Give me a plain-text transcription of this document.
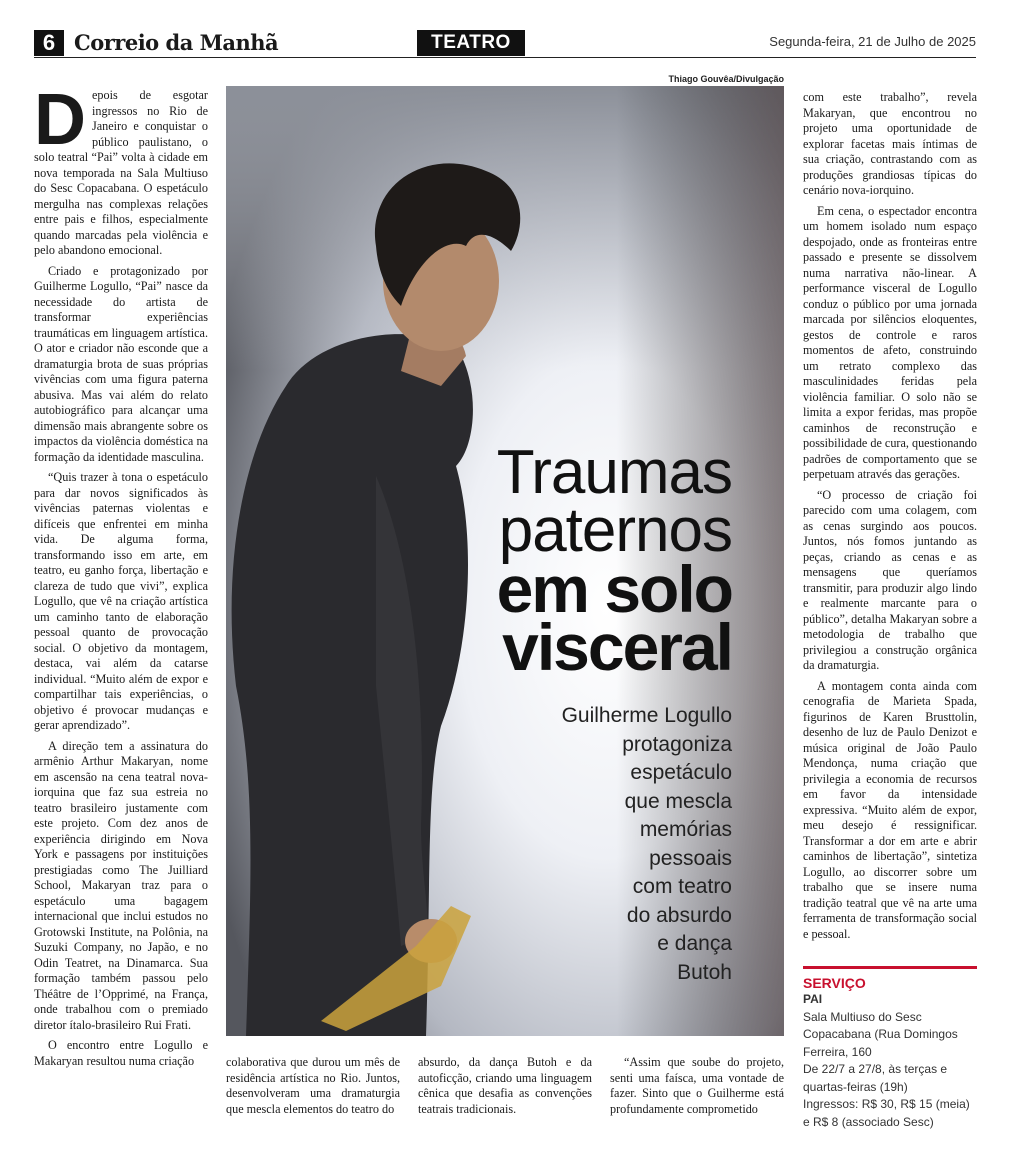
6 Correio da Manhã	TEATRO	Segunda-feira, 21 de Julho de 2025
Thiago Gouvêa/Divulgação

Depois de esgotar ingressos no Rio de Janeiro e conquistar o público paulistano, o solo teatral “Pai” volta à cidade em nova temporada na Sala Multiuso do Sesc Copacabana. O espetáculo mergulha nas complexas relações entre pais e filhos, especialmente quando marcadas pela violência e pelo abandono emocional.

Criado e protagonizado por Guilherme Logullo, “Pai” nasce da necessidade do artista de transformar experiências traumáticas em linguagem artística. O ator e criador não esconde que a dramaturgia brota de suas próprias vivências com uma figura paterna abusiva. Mas vai além do relato autobiográfico para alcançar uma dimensão mais abrangente sobre os impactos da violência doméstica na formação da identidade masculina.

“Quis trazer à tona o espetáculo para dar novos significados às vivências paternas violentas e difíceis que enfrentei em minha vida. De alguma forma, transformando isso em arte, em teatro, eu ganho força, libertação e clareza de tudo que vivi”, explica Logullo, que vê na criação artística um caminho tanto de elaboração pessoal quanto de provocação social. O objetivo da montagem, destaca, vai além da catarse individual. “Muito além de expor e compartilhar tais experiências, o objetivo é provocar mudanças e gerar aprendizado”.

A direção tem a assinatura do armênio Arthur Makaryan, nome em ascensão na cena teatral nova-iorquina que faz sua estreia no teatro brasileiro justamente com este projeto. Com dez anos de experiência dirigindo em Nova York e passagens por instituições prestigiadas como The Juilliard School, Makaryan traz para o espetáculo uma bagagem internacional que inclui estudos no Grotowski Institute, na Polônia, na Suzuki Company, no Japão, e no Odin Teatret, na Dinamarca. Sua formação também passou pelo Théâtre de l’Opprimé, na França, onde trabalhou com o premiado diretor ítalo-brasileiro Rui Frati.

O encontro entre Logullo e Makaryan resultou numa criação

Traumas
paternos
em solo
visceral
Guilherme Logullo
protagoniza
espetáculo
que mescla
memórias
pessoais
com teatro
do absurdo
e dança
Butoh
colaborativa que durou um mês de residência artística no Rio. Juntos, desenvolveram uma dramaturgia que mescla elementos do teatro do
absurdo, da dança Butoh e da autoficção, criando uma linguagem cênica que desafia as convenções teatrais tradicionais.
“Assim que soube do projeto, senti uma faísca, uma vontade de fazer. Sinto que o Guilherme está profundamente comprometido

com este trabalho”, revela Makaryan, que encontrou no projeto uma oportunidade de explorar facetas mais íntimas de sua criação, contrastando com as produções grandiosas típicas do cenário nova-iorquino.

Em cena, o espectador encontra um homem isolado num espaço despojado, onde as fronteiras entre passado e presente se dissolvem numa narrativa não-linear. A performance visceral de Logullo conduz o público por uma jornada marcada por silêncios eloquentes, gestos de controle e raros momentos de afeto, construindo um retrato complexo das masculinidades feridas pela violência familiar. O solo não se limita a expor feridas, mas propõe caminhos de reconstrução e possibilidade de cura, questionando padrões de comportamento que se perpetuam através das gerações.

“O processo de criação foi parecido com uma colagem, com as cenas surgindo aos poucos. Juntos, nós fomos juntando as peças, criando as cenas e as mensagens que queríamos transmitir, para produzir algo lindo e realmente marcante para o público”, detalha Makaryan sobre a metodologia de trabalho que privilegiou a construção orgânica da dramaturgia.

A montagem conta ainda com cenografia de Marieta Spada, figurinos de Karen Brusttolin, desenho de luz de Paulo Denizot e música original de João Paulo Mendonça, numa criação que privilegia a economia de recursos em favor da intensidade expressiva. “Muito além de expor, meu desejo é ressignificar. Transformar a dor em arte e abrir caminhos de libertação”, sintetiza Logullo, ao discorrer sobre um trabalho que se insere numa tradição teatral que vê na arte uma ferramenta de transformação social e pessoal.

SERVIÇO
PAI
Sala Multiuso do Sesc Copacabana (Rua Domingos Ferreira, 160
De 22/7 a 27/8, às terças e quartas-feiras (19h)
Ingressos: R$ 30, R$ 15 (meia) e R$ 8 (associado Sesc)
